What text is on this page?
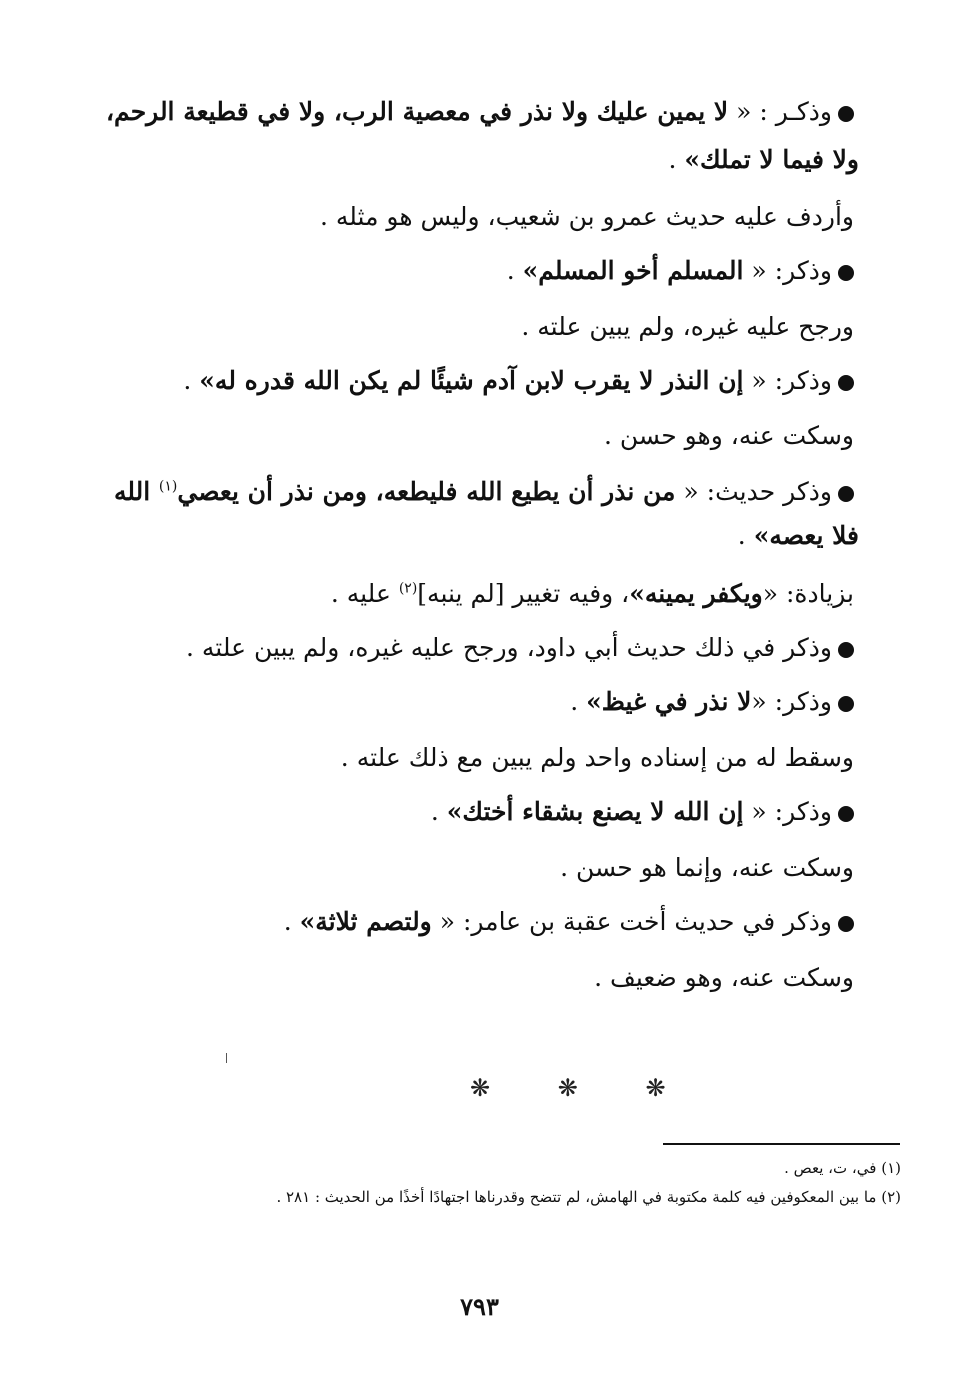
وذكـر : « لا يمين عليك ولا نذر في معصية الرب، ولا في قطيعة الرحم،
ولا فيما لا تملك» .
وأردف عليه حديث عمرو بن شعيب، وليس هو مثله .
وذكر: « المسلم أخو المسلم» .
ورجح عليه غيره، ولم يبين علته .
وذكر: « إن النذر لا يقرب لابن آدم شيئًا لم يكن الله قدره له» .
وسكت عنه، وهو حسن .
وذكر حديث: « من نذر أن يطيع الله فليطعه، ومن نذر أن يعصي$^{(١)}$ الله
فلا يعصه» .
بزيادة: «ويكفر يمينه»، وفيه تغيير [لم ينبه]$^{(٢)}$ عليه .
وذكر في ذلك حديث أبي داود، ورجح عليه غيره، ولم يبين علته .
وذكر: «لا نذر في غيظ» .
وسقط له من إسناده واحد ولم يبين مع ذلك علته .
وذكر: « إن الله لا يصنع بشقاء أختك» .
وسكت عنه، وإنما هو حسن .
وذكر في حديث أخت عقبة بن عامر: « ولتصم ثلاثة» .
وسكت عنه، وهو ضعيف .
❋ ❋ ❋
(١) في، ت، يعص .
(٢) ما بين المعكوفين فيه كلمة مكتوبة في الهامش، لم تتضح وقدرناها اجتهادًا أخذًا من الحديث : ٢٨١ .
٧٩٣
